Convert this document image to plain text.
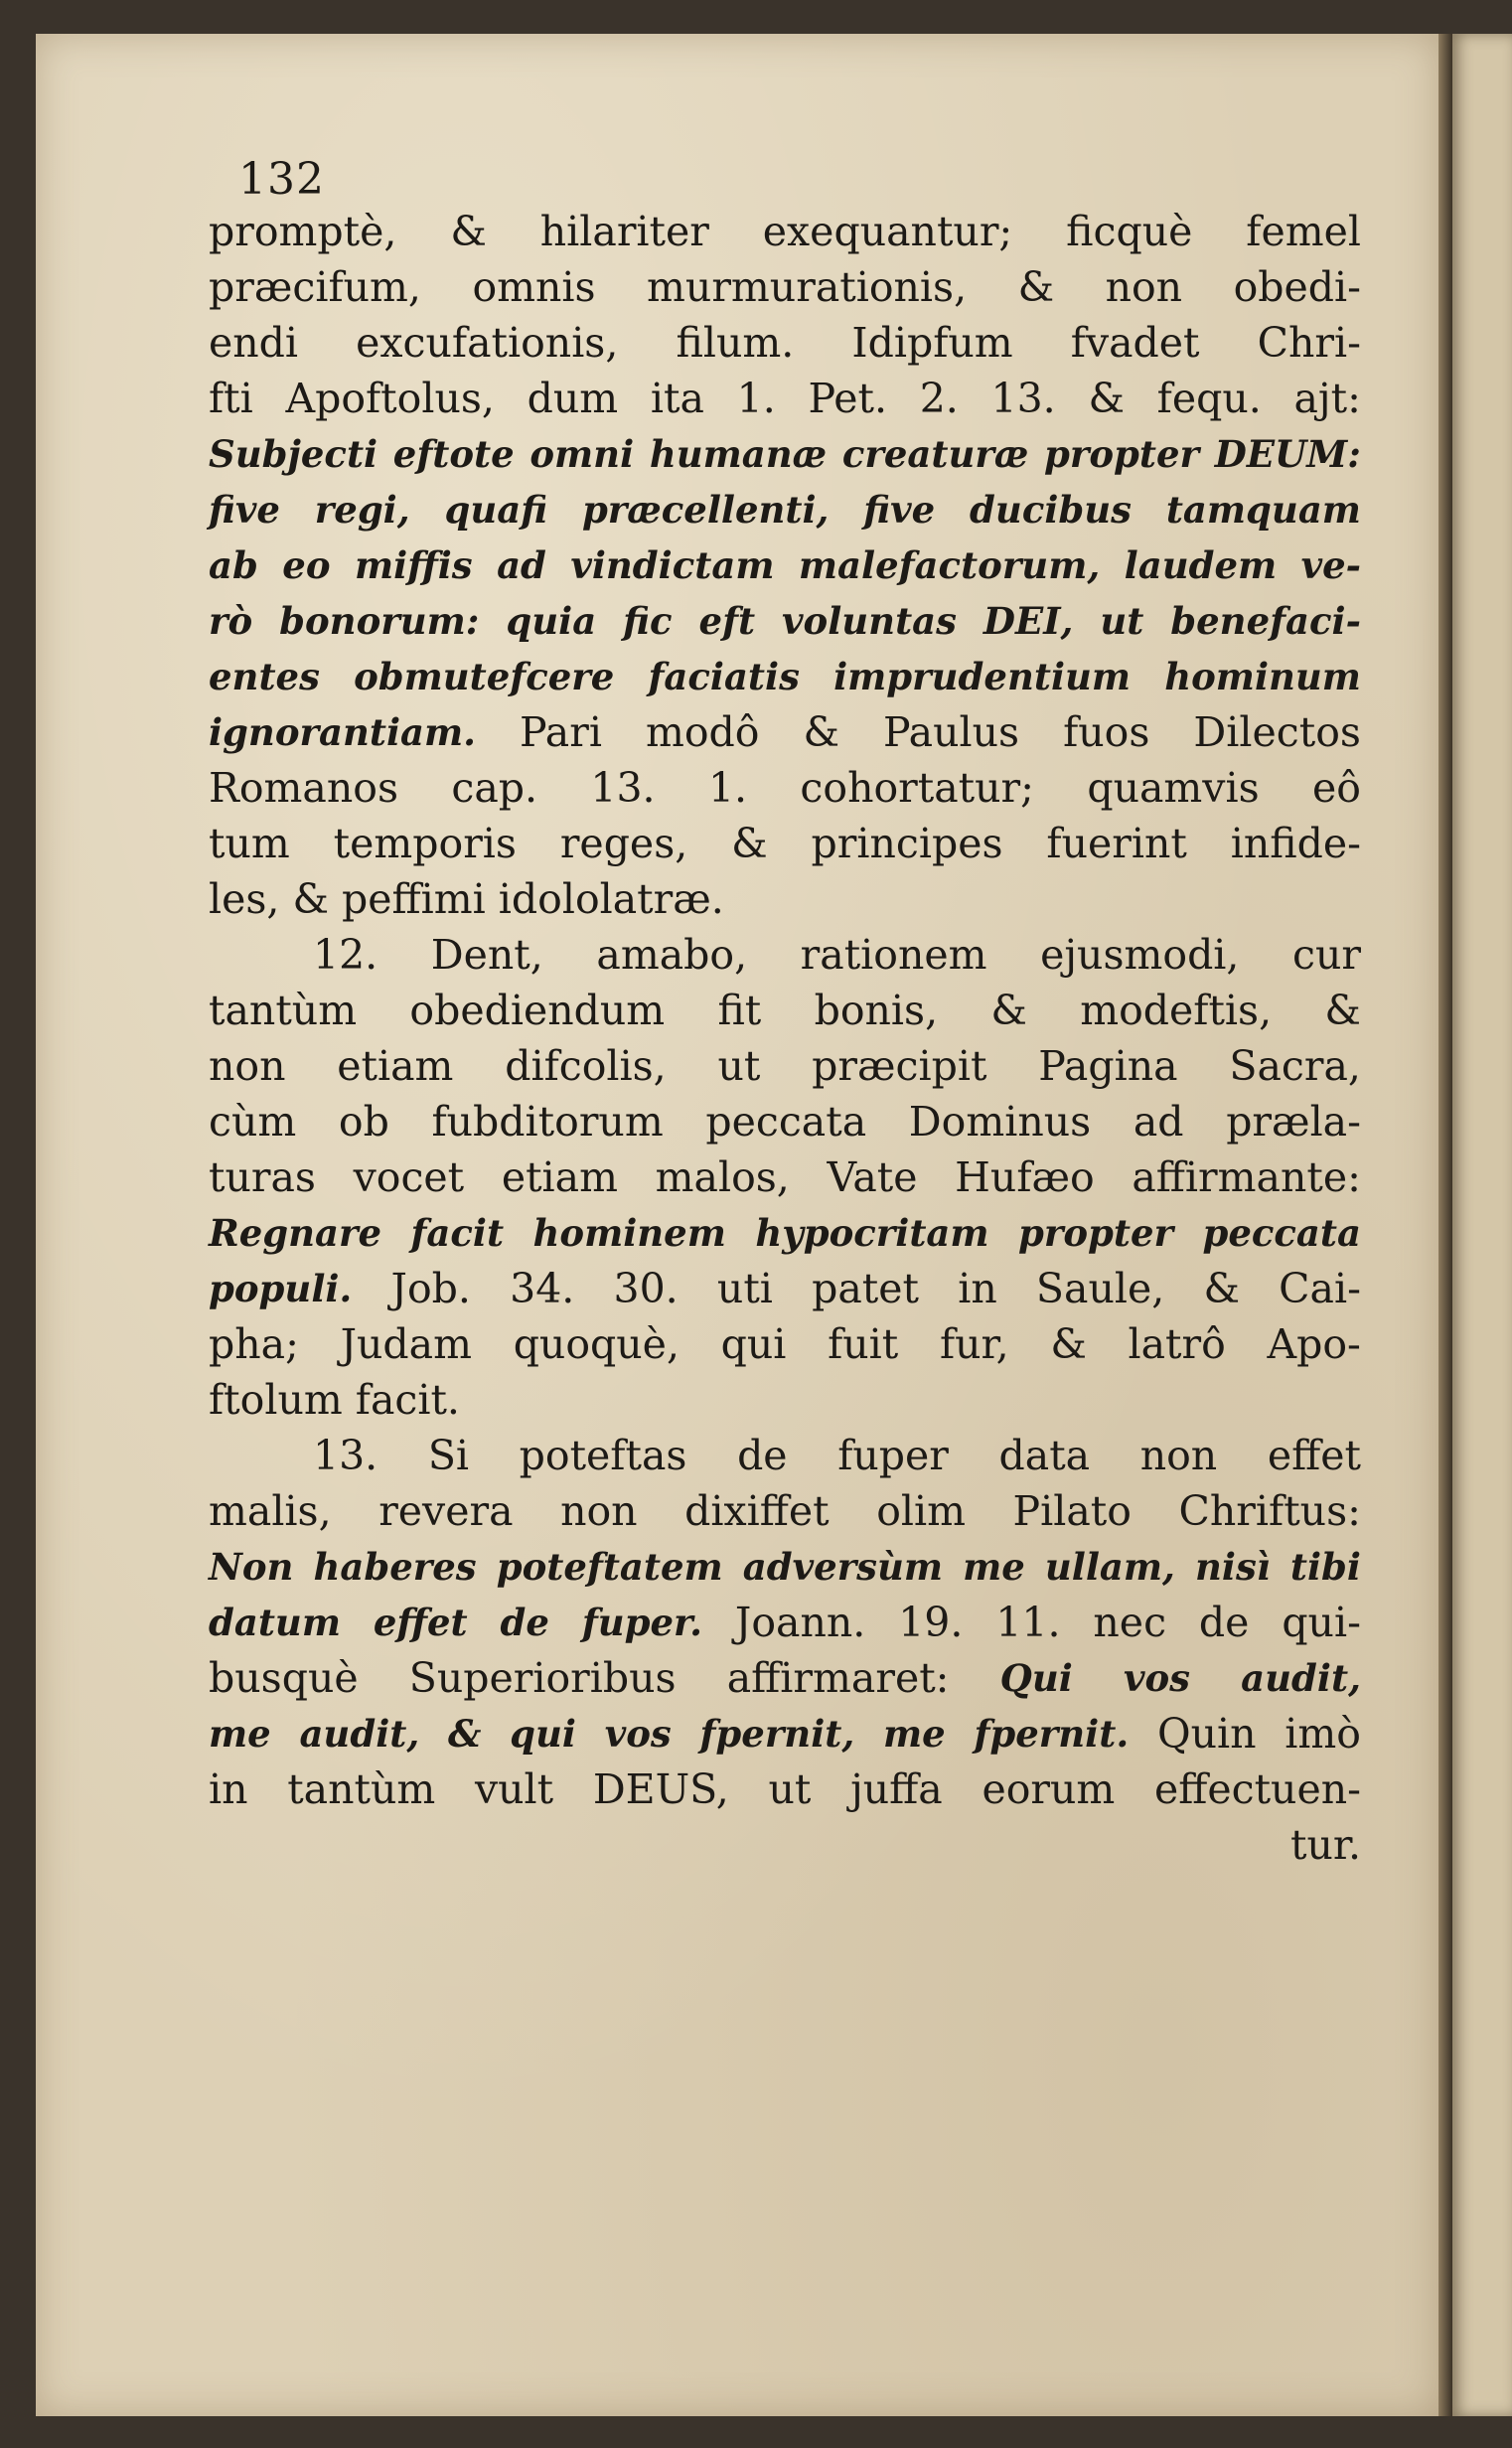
132
promptè, & hilariter exequantur; ficquè femel
præcifum, omnis murmurationis, & non obedi-
endi excufationis, filum. Idipfum fvadet Chri-
fti Apoftolus, dum ita 1. Pet. 2. 13. & fequ. ajt:
Subjecti eftote omni humanæ creaturæ propter DEUM:
five regi, quafi præcellenti, five ducibus tamquam
ab eo miffis ad vindictam malefactorum, laudem ve-
rò bonorum: quia fic eft voluntas DEI, ut benefaci-
entes obmutefcere faciatis imprudentium hominum
ignorantiam. Pari modô & Paulus fuos Dilectos
Romanos cap. 13. 1. cohortatur; quamvis eô
tum temporis reges, & principes fuerint infide-
les, & peffimi idololatræ.
12. Dent, amabo, rationem ejusmodi, cur
tantùm obediendum fit bonis, & modeftis, &
non etiam difcolis, ut præcipit Pagina Sacra,
cùm ob fubditorum peccata Dominus ad præla-
turas vocet etiam malos, Vate Hufæo affirmante:
Regnare facit hominem hypocritam propter peccata
populi. Job. 34. 30. uti patet in Saule, & Cai-
pha; Judam quoquè, qui fuit fur, & latrô Apo-
ftolum facit.
13. Si poteftas de fuper data non effet
malis, revera non dixiffet olim Pilato Chriftus:
Non haberes poteftatem adversùm me ullam, nisì tibi
datum effet de fuper. Joann. 19. 11. nec de qui-
busquè Superioribus affirmaret: Qui vos audit,
me audit, & qui vos fpernit, me fpernit. Quin imò
in tantùm vult DEUS, ut juffa eorum effectuen-
tur.
